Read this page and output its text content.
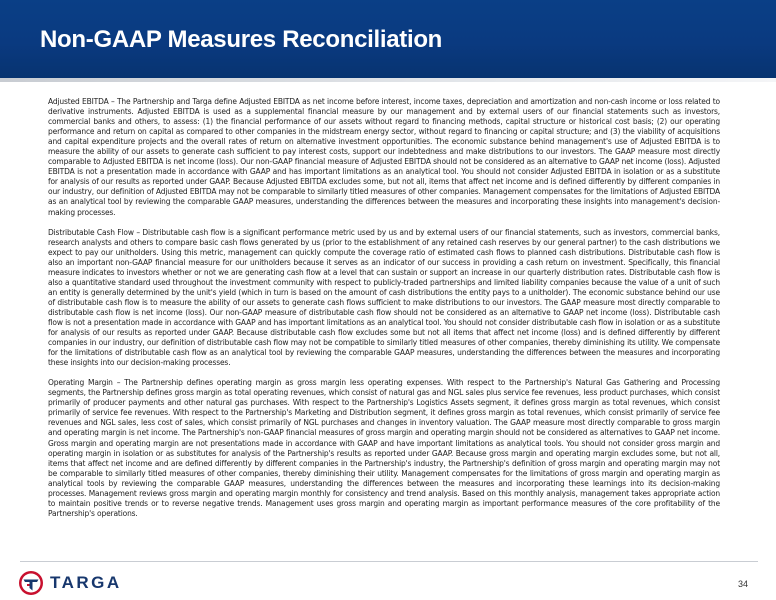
Non-GAAP Measures Reconciliation

Adjusted EBITDA – The Partnership and Targa define Adjusted EBITDA as net income before interest, income taxes, depreciation and amortization and non-cash income or loss related to derivative instruments. Adjusted EBITDA is used as a supplemental financial measure by our management and by external users of our financial statements such as investors, commercial banks and others, to assess: (1) the financial performance of our assets without regard to financing methods, capital structure or historical cost basis; (2) our operating performance and return on capital as compared to other companies in the midstream energy sector, without regard to financing or capital structure; and (3) the viability of acquisitions and capital expenditure projects and the overall rates of return on alternative investment opportunities. The economic substance behind management's use of Adjusted EBITDA is to measure the ability of our assets to generate cash sufficient to pay interest costs, support our indebtedness and make distributions to our investors. The GAAP measure most directly comparable to Adjusted EBITDA is net income (loss). Our non-GAAP financial measure of Adjusted EBITDA should not be considered as an alternative to GAAP net income (loss). Adjusted EBITDA is not a presentation made in accordance with GAAP and has important limitations as an analytical tool. You should not consider Adjusted EBITDA in isolation or as a substitute for analysis of our results as reported under GAAP. Because Adjusted EBITDA excludes some, but not all, items that affect net income and is defined differently by different companies in our industry, our definition of Adjusted EBITDA may not be comparable to similarly titled measures of other companies. Management compensates for the limitations of Adjusted EBITDA as an analytical tool by reviewing the comparable GAAP measures, understanding the differences between the measures and incorporating these insights into management's decision-making processes.

Distributable Cash Flow – Distributable cash flow is a significant performance metric used by us and by external users of our financial statements, such as investors, commercial banks, research analysts and others to compare basic cash flows generated by us (prior to the establishment of any retained cash reserves by our general partner) to the cash distributions we expect to pay our unitholders. Using this metric, management can quickly compute the coverage ratio of estimated cash flows to planned cash distributions. Distributable cash flow is also an important non-GAAP financial measure for our unitholders because it serves as an indicator of our success in providing a cash return on investment. Specifically, this financial measure indicates to investors whether or not we are generating cash flow at a level that can sustain or support an increase in our quarterly distribution rates. Distributable cash flow is also a quantitative standard used throughout the investment community with respect to publicly-traded partnerships and limited liability companies because the value of a unit of such an entity is generally determined by the unit's yield (which in turn is based on the amount of cash distributions the entity pays to a unitholder). The economic substance behind our use of distributable cash flow is to measure the ability of our assets to generate cash flows sufficient to make distributions to our investors. The GAAP measure most directly comparable to distributable cash flow is net income (loss). Our non-GAAP measure of distributable cash flow should not be considered as an alternative to GAAP net income (loss). Distributable cash flow is not a presentation made in accordance with GAAP and has important limitations as an analytical tool. You should not consider distributable cash flow in isolation or as a substitute for analysis of our results as reported under GAAP. Because distributable cash flow excludes some but not all items that affect net income (loss) and is defined differently by different companies in our industry, our definition of distributable cash flow may not be compatible to similarly titled measures of other companies, thereby diminishing its utility. We compensate for the limitations of distributable cash flow as an analytical tool by reviewing the comparable GAAP measures, understanding the differences between the measures and incorporating these insights into our decision-making processes.

Operating Margin – The Partnership defines operating margin as gross margin less operating expenses. With respect to the Partnership's Natural Gas Gathering and Processing segments, the Partnership defines gross margin as total operating revenues, which consist of natural gas and NGL sales plus service fee revenues, less product purchases, which consist primarily of producer payments and other natural gas purchases. With respect to the Partnership's Logistics Assets segment, it defines gross margin as total revenues, which consist primarily of service fee revenues. With respect to the Partnership's Marketing and Distribution segment, it defines gross margin as total revenues, which consist primarily of service fee revenues and NGL sales, less cost of sales, which consist primarily of NGL purchases and changes in inventory valuation. The GAAP measure most directly comparable to gross margin and operating margin is net income. The Partnership's non-GAAP financial measures of gross margin and operating margin should not be considered as alternatives to GAAP net income. Gross margin and operating margin are not presentations made in accordance with GAAP and have important limitations as analytical tools. You should not consider gross margin and operating margin in isolation or as substitutes for analysis of the Partnership's results as reported under GAAP. Because gross margin and operating margin excludes some, but not all, items that affect net income and are defined differently by different companies in the Partnership's industry, the Partnership's definition of gross margin and operating margin may not be comparable to similarly titled measures of other companies, thereby diminishing their utility. Management compensates for the limitations of gross margin and operating margin as analytical tools by reviewing the comparable GAAP measures, understanding the differences between the measures and incorporating these learnings into its decision-making processes. Management reviews gross margin and operating margin monthly for consistency and trend analysis. Based on this monthly analysis, management takes appropriate action to maintain positive trends or to reverse negative trends. Management uses gross margin and operating margin as important performance measures of the core profitability of the Partnership's operations.

TARGA	34
